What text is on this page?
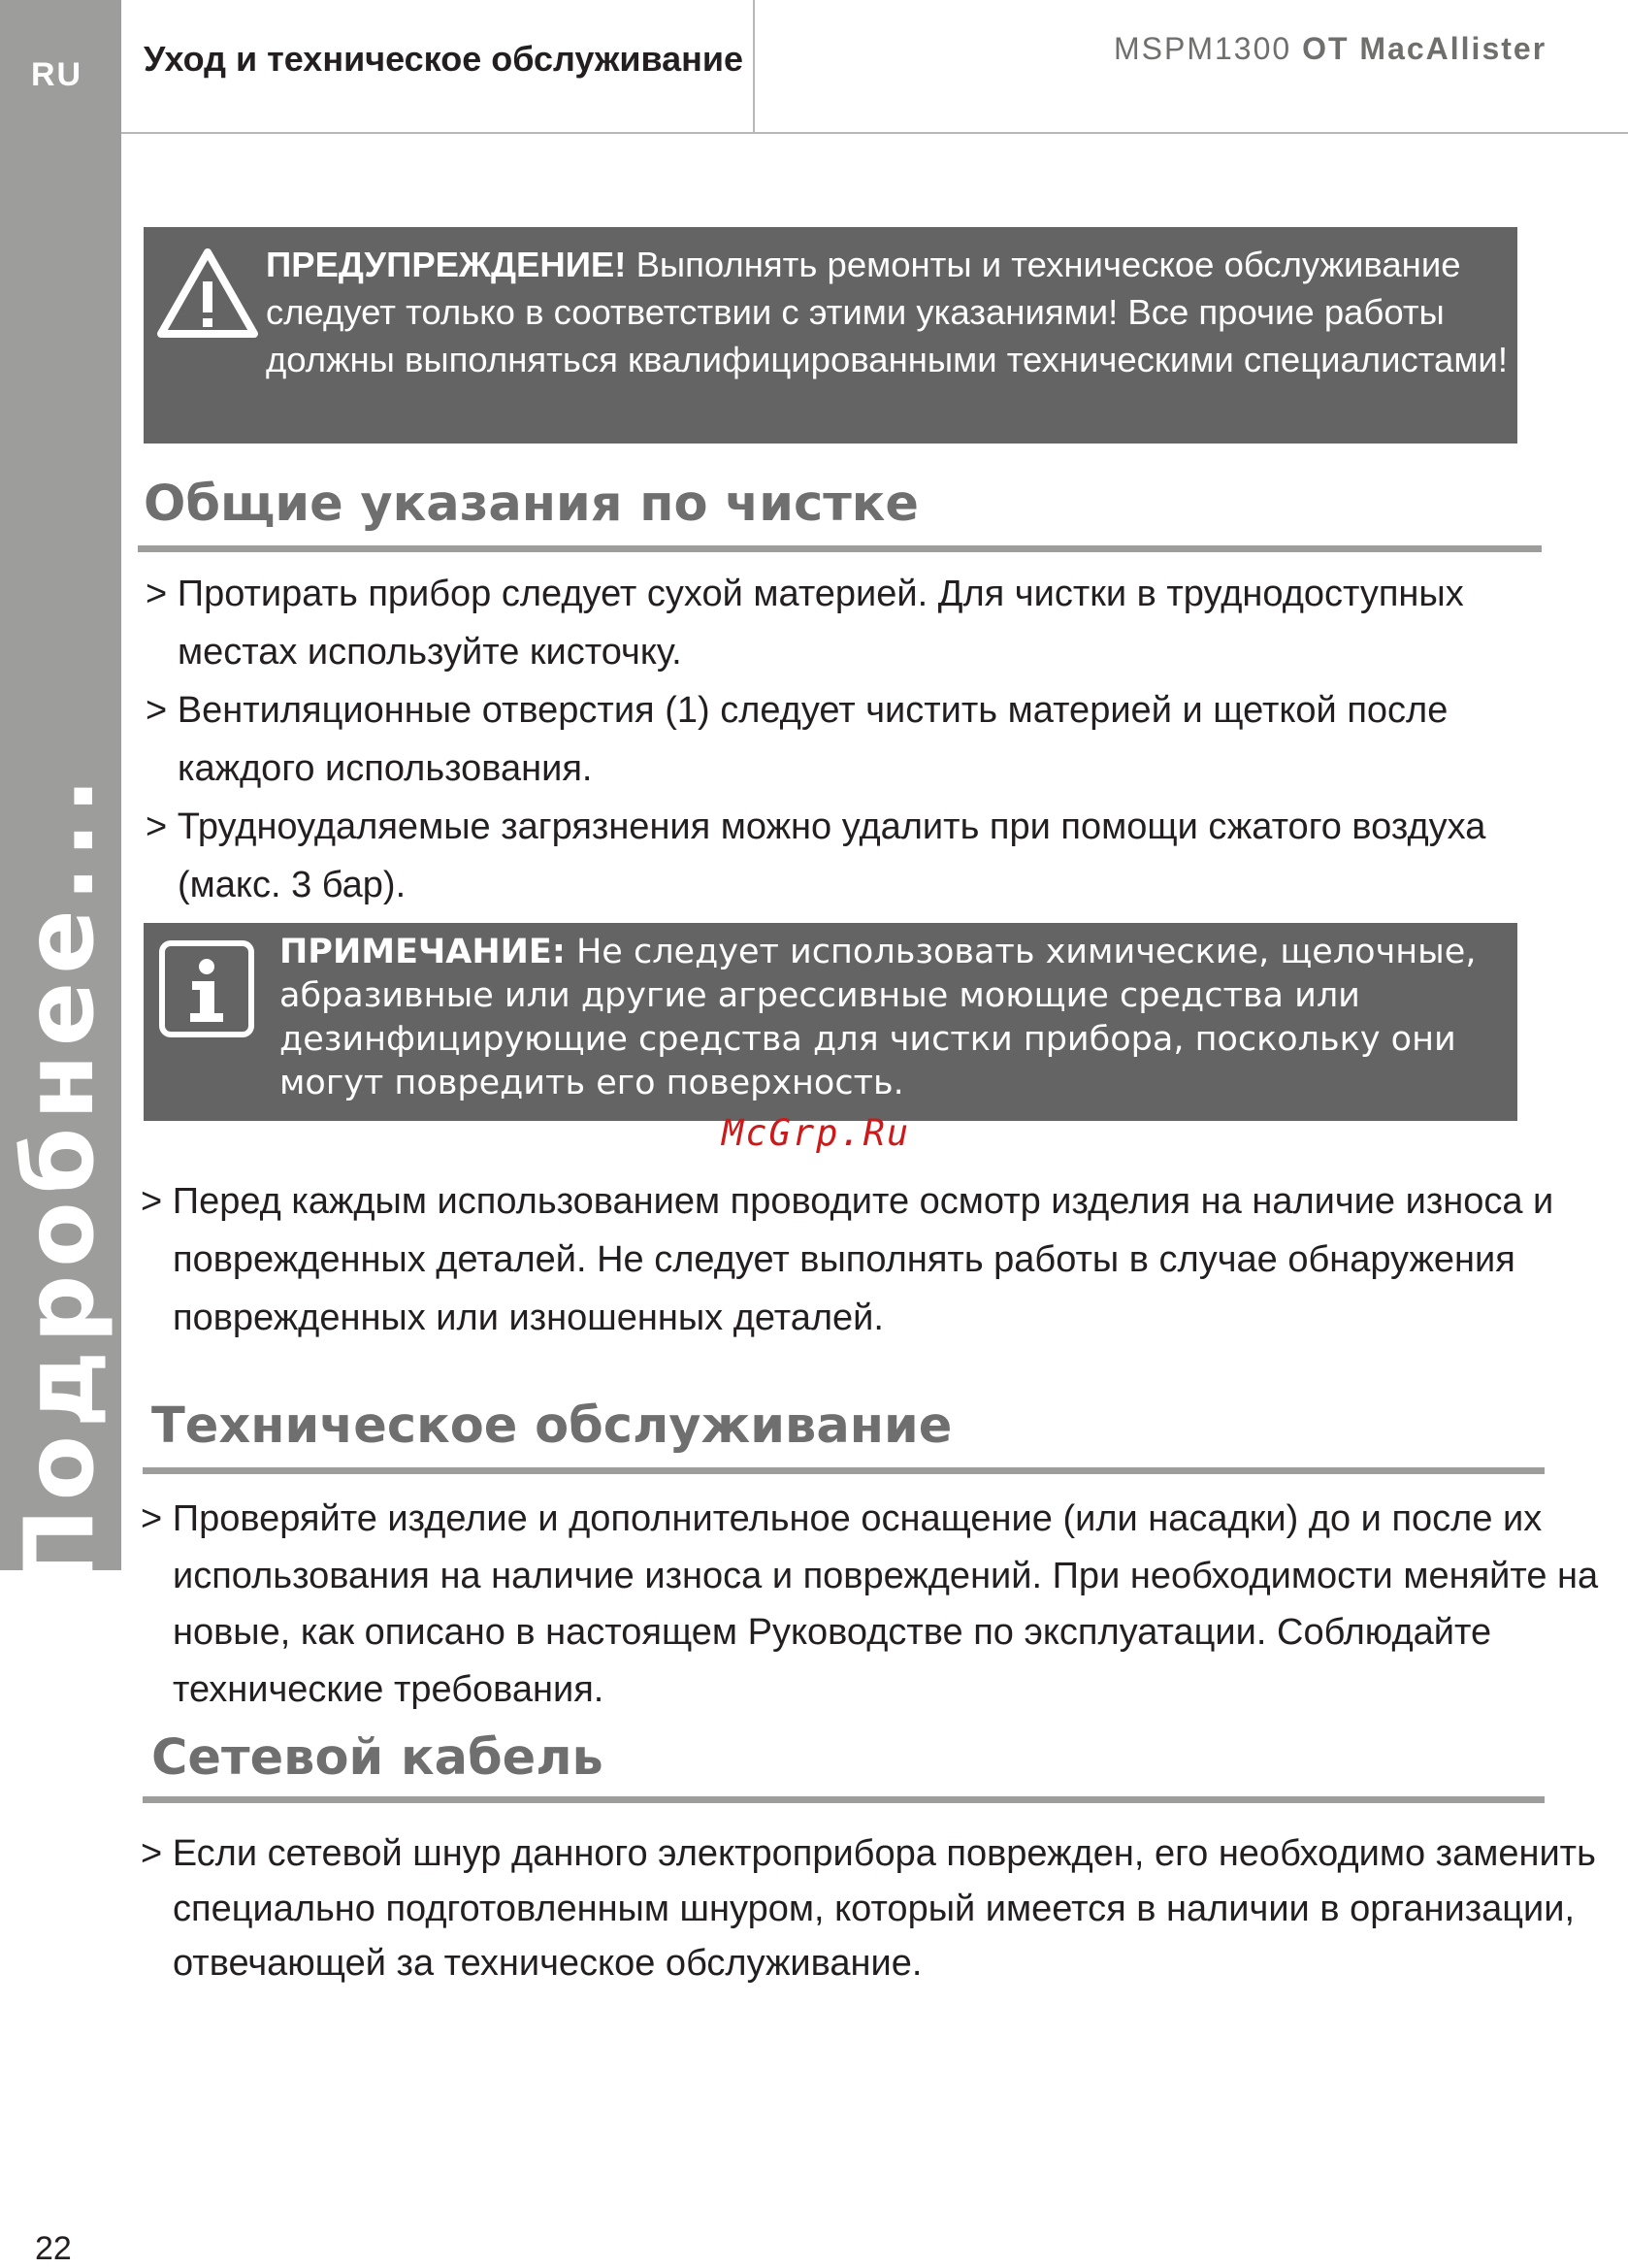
RU
Подробнее...
Уход и техническое обслуживание	MSPM1300 OT MacAllister
ПРЕДУПРЕЖДЕНИЕ! Выполнять ремонты и техническое обслуживание следует только в соответствии с этими указаниями! Все прочие работы должны выполняться квалифицированными техническими специалистами!
Общие указания по чистке
> Протирать прибор следует сухой материей. Для чистки в труднодоступных местах используйте кисточку.
> Вентиляционные отверстия (1) следует чистить материей и щеткой после каждого использования.
> Трудноудаляемые загрязнения можно удалить при помощи сжатого воздуха (макс. 3 бар).
ПРИМЕЧАНИЕ: Не следует использовать химические, щелочные, абразивные или другие агрессивные моющие средства или дезинфицирующие средства для чистки прибора, поскольку они могут повредить его поверхность.
McGrp.Ru
> Перед каждым использованием проводите осмотр изделия на наличие износа и поврежденных деталей. Не следует выполнять работы в случае обнаружения поврежденных или изношенных деталей.
Техническое обслуживание
> Проверяйте изделие и дополнительное оснащение (или насадки) до и после их использования на наличие износа и повреждений. При необходимости меняйте на новые, как описано в настоящем Руководстве по эксплуатации. Соблюдайте технические требования.
Сетевой кабель
> Если сетевой шнур данного электроприбора поврежден, его необходимо заменить специально подготовленным шнуром, который имеется в наличии в организации, отвечающей за техническое обслуживание.
22
